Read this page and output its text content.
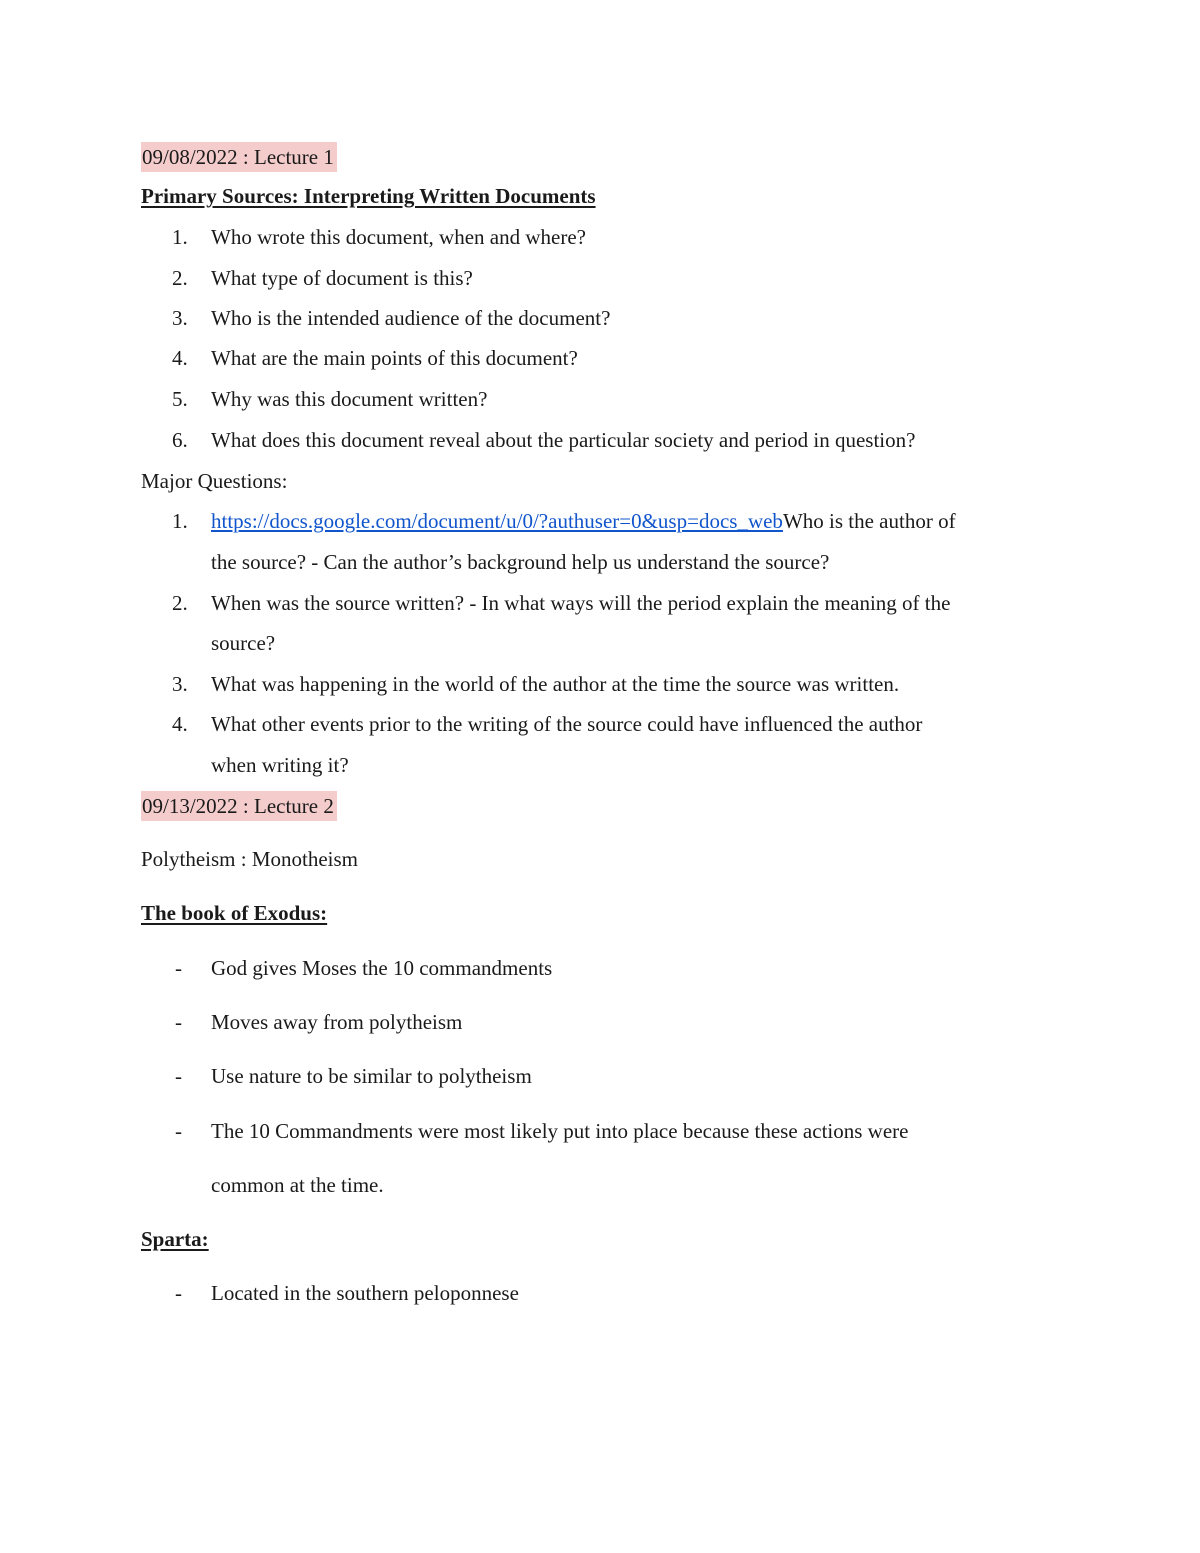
09/08/2022 : Lecture 1
Primary Sources: Interpreting Written Documents
1. Who wrote this document, when and where?
2. What type of document is this?
3. Who is the intended audience of the document?
4. What are the main points of this document?
5. Why was this document written?
6. What does this document reveal about the particular society and period in question?
Major Questions:
1. https://docs.google.com/document/u/0/?authuser=0&usp=docs_webWho is the author of
the source? - Can the author’s background help us understand the source?
2. When was the source written? - In what ways will the period explain the meaning of the
source?
3. What was happening in the world of the author at the time the source was written.
4. What other events prior to the writing of the source could have influenced the author
when writing it?
09/13/2022 : Lecture 2
Polytheism : Monotheism
The book of Exodus:
- God gives Moses the 10 commandments
- Moves away from polytheism
- Use nature to be similar to polytheism
- The 10 Commandments were most likely put into place because these actions were
common at the time.
Sparta:
- Located in the southern peloponnese
